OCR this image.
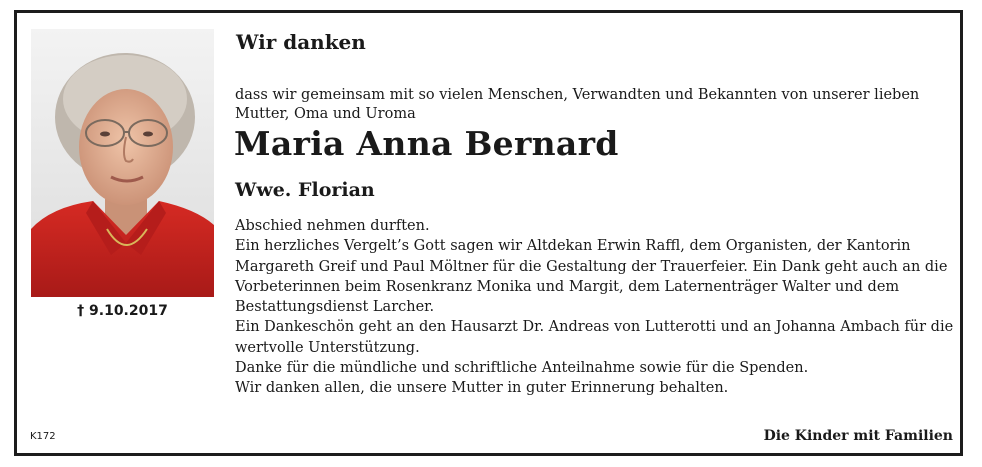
† 9.10.2017
Wir danken

dass wir gemeinsam mit so vielen Menschen, Verwandten und Bekannten von unserer lieben Mutter, Oma und Uroma

Maria Anna Bernard
Wwe. Florian

Abschied nehmen durften.

Ein herzliches Vergelt’s Gott sagen wir Altdekan Erwin Raffl, dem Organisten, der Kantorin Margareth Greif und Paul Möltner für die Gestaltung der Trauerfeier. Ein Dank geht auch an die Vorbeterinnen beim Rosenkranz Monika und Margit, dem Laternenträger Walter und dem Bestattungsdienst Larcher.

Ein Dankeschön geht an den Hausarzt Dr. Andreas von Lutterotti und an Johanna Ambach für die wertvolle Unterstützung.

Danke für die mündliche und schriftliche Anteilnahme sowie für die Spenden.

Wir danken allen, die unsere Mutter in guter Erinnerung behalten.

K172	Die Kinder mit Familien
